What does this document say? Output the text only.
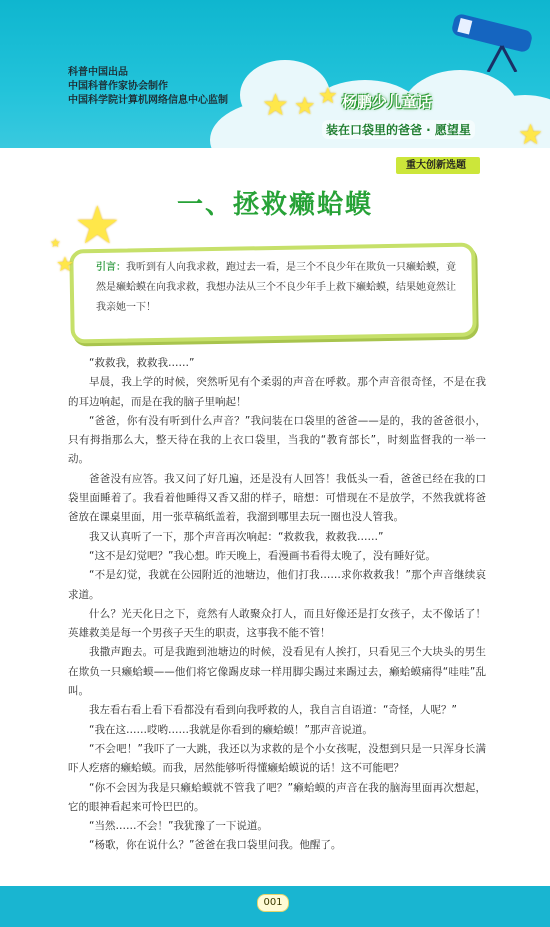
科普中国出品
中国科普作家协会制作
中国科学院计算机网络信息中心监制 ★ ★ ★
★
杨鹏少儿童话
装在口袋里的爸爸 · 愿望星
重大创新选题
一、拯救癞蛤蟆
★
★
★
引言：我听到有人向我求救，跑过去一看，是三个不良少年在欺负一只癞蛤蟆，竟然是癞蛤蟆在向我求救，我想办法从三个不良少年手上救下癞蛤蟆，结果她竟然让我亲她一下！

“救救我，救救我……”

早晨，我上学的时候，突然听见有个柔弱的声音在呼救。那个声音很奇怪，不是在我的耳边响起，而是在我的脑子里响起！

“爸爸，你有没有听到什么声音？”我问装在口袋里的爸爸——是的，我的爸爸很小，只有拇指那么大，整天待在我的上衣口袋里，当我的“教育部长”，时刻监督我的一举一动。

爸爸没有应答。我又问了好几遍，还是没有人回答！我低头一看，爸爸已经在我的口袋里面睡着了。我看着他睡得又香又甜的样子，暗想：可惜现在不是放学，不然我就将爸爸放在课桌里面，用一张草稿纸盖着，我溜到哪里去玩一圈也没人管我。

我又认真听了一下，那个声音再次响起：“救救我，救救我……”

“这不是幻觉吧？”我心想。昨天晚上，看漫画书看得太晚了，没有睡好觉。

“不是幻觉，我就在公园附近的池塘边，他们打我……求你救救我！”那个声音继续哀求道。

什么？光天化日之下，竟然有人敢聚众打人，而且好像还是打女孩子，太不像话了！英雄救美是每一个男孩子天生的职责，这事我不能不管！

我撒声跑去。可是我跑到池塘边的时候，没看见有人挨打，只看见三个大块头的男生在欺负一只癞蛤蟆——他们将它像踢皮球一样用脚尖踢过来踢过去，癞蛤蟆痛得“哇哇”乱叫。

我左看右看上看下看都没有看到向我呼救的人，我自言自语道：“奇怪，人呢？”

“我在这……哎哟……我就是你看到的癞蛤蟆！”那声音说道。

“不会吧！”我吓了一大跳，我还以为求救的是个小女孩呢，没想到只是一只浑身长满吓人疙瘩的癞蛤蟆。而我，居然能够听得懂癞蛤蟆说的话！这不可能吧？

“你不会因为我是只癞蛤蟆就不管我了吧？”癞蛤蟆的声音在我的脑海里面再次想起，它的眼神看起来可怜巴巴的。

“当然……不会！”我犹豫了一下说道。

“杨歌，你在说什么？”爸爸在我口袋里问我。他醒了。

001
